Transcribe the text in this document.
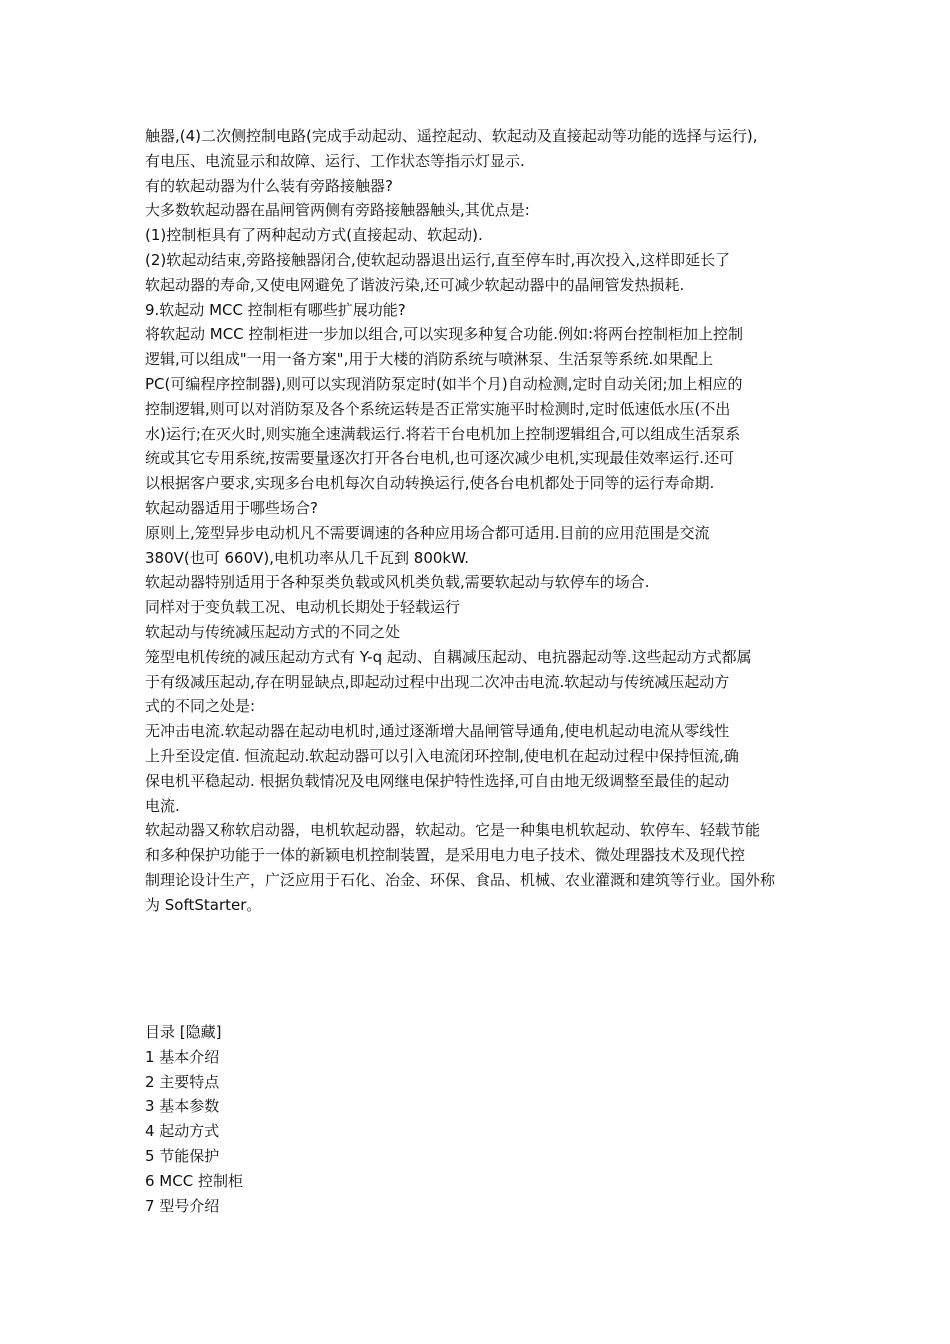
触器,(4)二次侧控制电路(完成手动起动、遥控起动、软起动及直接起动等功能的选择与运行),
有电压、电流显示和故障、运行、工作状态等指示灯显示.
有的软起动器为什么装有旁路接触器?
大多数软起动器在晶闸管两侧有旁路接触器触头,其优点是:
(1)控制柜具有了两种起动方式(直接起动、软起动).
(2)软起动结束,旁路接触器闭合,使软起动器退出运行,直至停车时,再次投入,这样即延长了
软起动器的寿命,又使电网避免了谐波污染,还可减少软起动器中的晶闸管发热损耗.
9.软起动 MCC 控制柜有哪些扩展功能?
将软起动 MCC 控制柜进一步加以组合,可以实现多种复合功能.例如:将两台控制柜加上控制
逻辑,可以组成"一用一备方案",用于大楼的消防系统与喷淋泵、生活泵等系统.如果配上
PC(可编程序控制器),则可以实现消防泵定时(如半个月)自动检测,定时自动关闭;加上相应的
控制逻辑,则可以对消防泵及各个系统运转是否正常实施平时检测时,定时低速低水压(不出
水)运行;在灭火时,则实施全速满载运行.将若干台电机加上控制逻辑组合,可以组成生活泵系
统或其它专用系统,按需要量逐次打开各台电机,也可逐次减少电机,实现最佳效率运行.还可
以根据客户要求,实现多台电机每次自动转换运行,使各台电机都处于同等的运行寿命期.
软起动器适用于哪些场合?
原则上,笼型异步电动机凡不需要调速的各种应用场合都可适用.目前的应用范围是交流
380V(也可 660V),电机功率从几千瓦到 800kW.
软起动器特别适用于各种泵类负载或风机类负载,需要软起动与软停车的场合.
同样对于变负载工况、电动机长期处于轻载运行
软起动与传统减压起动方式的不同之处
笼型电机传统的减压起动方式有 Y-q 起动、自耦减压起动、电抗器起动等.这些起动方式都属
于有级减压起动,存在明显缺点,即起动过程中出现二次冲击电流.软起动与传统减压起动方
式的不同之处是:
无冲击电流.软起动器在起动电机时,通过逐渐增大晶闸管导通角,使电机起动电流从零线性
上升至设定值. 恒流起动.软起动器可以引入电流闭环控制,使电机在起动过程中保持恒流,确
保电机平稳起动. 根据负载情况及电网继电保护特性选择,可自由地无级调整至最佳的起动
电流.
软起动器又称软启动器，电机软起动器，软起动。它是一种集电机软起动、软停车、轻载节能
和多种保护功能于一体的新颖电机控制装置，是采用电力电子技术、微处理器技术及现代控
制理论设计生产，广泛应用于石化、冶金、环保、食品、机械、农业灌溉和建筑等行业。国外称
为 SoftStarter。
目录 [隐藏]
1 基本介绍
2 主要特点
3 基本参数
4 起动方式
5 节能保护
6 MCC 控制柜
7 型号介绍
